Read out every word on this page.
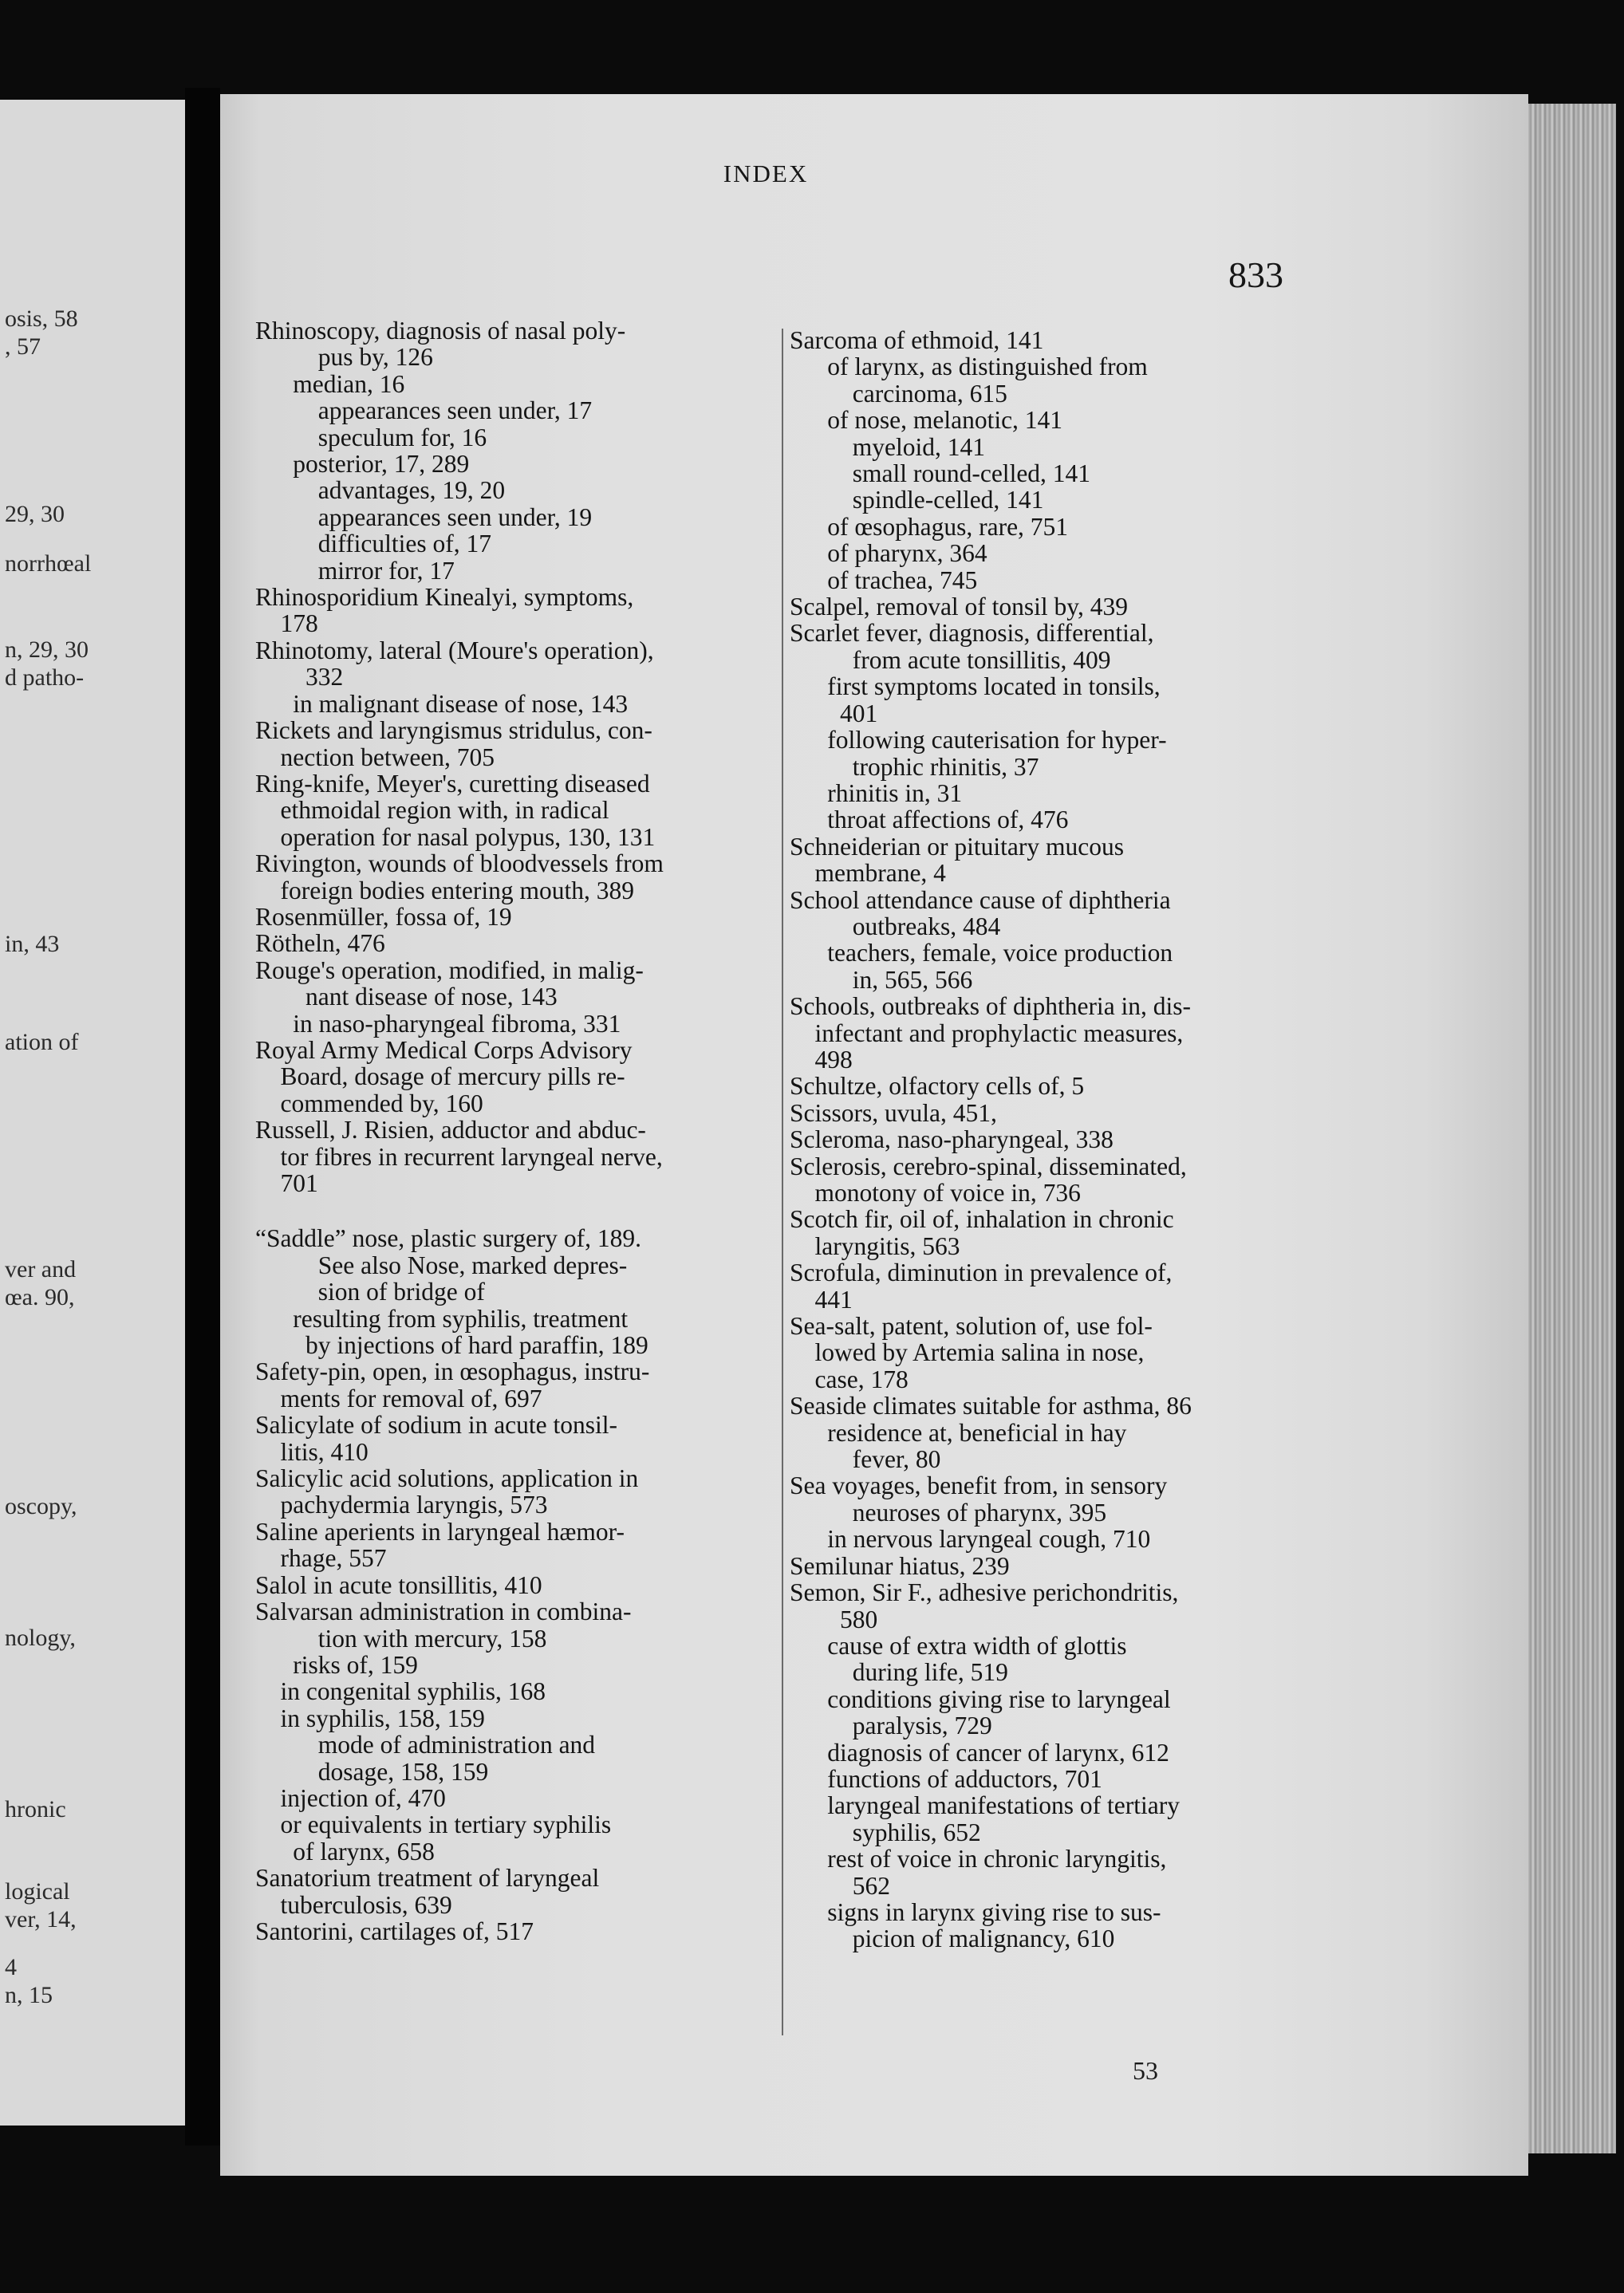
osis, 58
, 57
29, 30
norrhœal
n, 29, 30
d patho-
in, 43
ation of
ver and
œa. 90,
oscopy,
nology,
hronic
logical
ver, 14,
4
n, 15
INDEX
833
Rhinoscopy, diagnosis of nasal poly-
pus by, 126
median, 16
appearances seen under, 17
speculum for, 16
posterior, 17, 289
advantages, 19, 20
appearances seen under, 19
difficulties of, 17
mirror for, 17
Rhinosporidium Kinealyi, symptoms,
178
Rhinotomy, lateral (Moure's operation),
332
in malignant disease of nose, 143
Rickets and laryngismus stridulus, con-
nection between, 705
Ring-knife, Meyer's, curetting diseased
ethmoidal region with, in radical
operation for nasal polypus, 130, 131
Rivington, wounds of bloodvessels from
foreign bodies entering mouth, 389
Rosenmüller, fossa of, 19
Rötheln, 476
Rouge's operation, modified, in malig-
nant disease of nose, 143
in naso-pharyngeal fibroma, 331
Royal Army Medical Corps Advisory
Board, dosage of mercury pills re-
commended by, 160
Russell, J. Risien, adductor and abduc-
tor fibres in recurrent laryngeal nerve,
701
“Saddle” nose, plastic surgery of, 189.
See also Nose, marked depres-
sion of bridge of
resulting from syphilis, treatment
by injections of hard paraffin, 189
Safety-pin, open, in œsophagus, instru-
ments for removal of, 697
Salicylate of sodium in acute tonsil-
litis, 410
Salicylic acid solutions, application in
pachydermia laryngis, 573
Saline aperients in laryngeal hæmor-
rhage, 557
Salol in acute tonsillitis, 410
Salvarsan administration in combina-
tion with mercury, 158
risks of, 159
in congenital syphilis, 168
in syphilis, 158, 159
mode of administration and
dosage, 158, 159
injection of, 470
or equivalents in tertiary syphilis
of larynx, 658
Sanatorium treatment of laryngeal
tuberculosis, 639
Santorini, cartilages of, 517
Sarcoma of ethmoid, 141
of larynx, as distinguished from
carcinoma, 615
of nose, melanotic, 141
myeloid, 141
small round-celled, 141
spindle-celled, 141
of œsophagus, rare, 751
of pharynx, 364
of trachea, 745
Scalpel, removal of tonsil by, 439
Scarlet fever, diagnosis, differential,
from acute tonsillitis, 409
first symptoms located in tonsils,
401
following cauterisation for hyper-
trophic rhinitis, 37
rhinitis in, 31
throat affections of, 476
Schneiderian or pituitary mucous
membrane, 4
School attendance cause of diphtheria
outbreaks, 484
teachers, female, voice production
in, 565, 566
Schools, outbreaks of diphtheria in, dis-
infectant and prophylactic measures,
498
Schultze, olfactory cells of, 5
Scissors, uvula, 451,
Scleroma, naso-pharyngeal, 338
Sclerosis, cerebro-spinal, disseminated,
monotony of voice in, 736
Scotch fir, oil of, inhalation in chronic
laryngitis, 563
Scrofula, diminution in prevalence of,
441
Sea-salt, patent, solution of, use fol-
lowed by Artemia salina in nose,
case, 178
Seaside climates suitable for asthma, 86
residence at, beneficial in hay
fever, 80
Sea voyages, benefit from, in sensory
neuroses of pharynx, 395
in nervous laryngeal cough, 710
Semilunar hiatus, 239
Semon, Sir F., adhesive perichondritis,
580
cause of extra width of glottis
during life, 519
conditions giving rise to laryngeal
paralysis, 729
diagnosis of cancer of larynx, 612
functions of adductors, 701
laryngeal manifestations of tertiary
syphilis, 652
rest of voice in chronic laryngitis,
562
signs in larynx giving rise to sus-
picion of malignancy, 610
53
